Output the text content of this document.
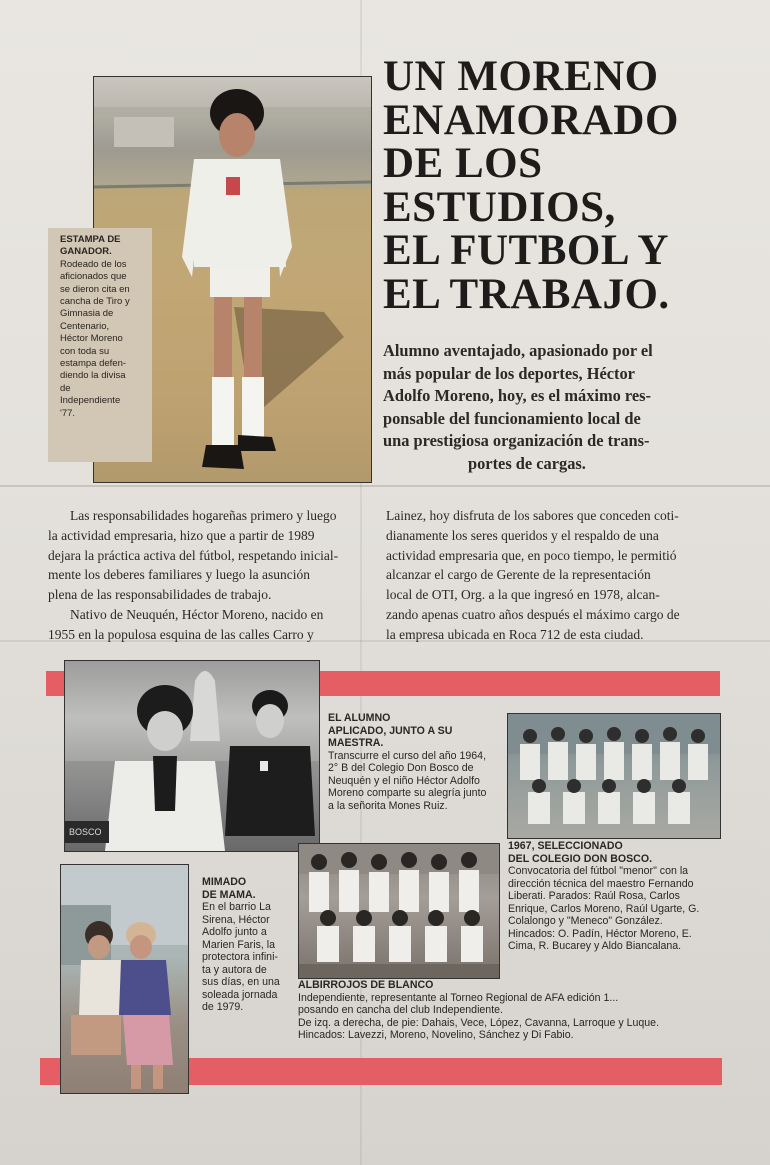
ESTAMPA DE
GANADOR.
Rodeado de los
aficionados que
se dieron cita en
cancha de Tiro y
Gimnasia de
Centenario,
Héctor Moreno
con toda su
estampa defen-
diendo la divisa
de
Independiente
'77.
UN MORENO
ENAMORADO
DE LOS
ESTUDIOS,
EL FUTBOL Y
EL TRABAJO.
Alumno aventajado, apasionado por el
más popular de los deportes, Héctor
Adolfo Moreno, hoy, es el máximo res-
ponsable del funcionamiento local de
una prestigiosa organización de trans-
portes de cargas.
Las responsabilidades hogareñas primero y luego
la actividad empresaria, hizo que a partir de 1989
dejara la práctica activa del fútbol, respetando inicial-
mente los deberes familiares y luego la asunción
plena de las responsabilidades de trabajo.
Nativo de Neuquén, Héctor Moreno, nacido en
1955 en la populosa esquina de las calles Carro y
Lainez, hoy disfruta de los sabores que conceden coti-
dianamente los seres queridos y el respaldo de una
actividad empresaria que, en poco tiempo, le permitió
alcanzar el cargo de Gerente de la representación
local de OTI, Org. a la que ingresó en 1978, alcan-
zando apenas cuatro años después el máximo cargo de
la empresa ubicada en Roca 712 de esta ciudad.
BOSCO
EL ALUMNO
APLICADO, JUNTO A SU
MAESTRA.
Transcurre el curso del año 1964,
2° B del Colegio Don Bosco de
Neuquén y el niño Héctor Adolfo
Moreno comparte su alegría junto
a la señorita Mones Ruiz.
1967, SELECCIONADO
DEL COLEGIO DON BOSCO.
Convocatoria del fútbol "menor" con la
dirección técnica del maestro Fernando
Liberati. Parados: Raúl Rosa, Carlos
Enrique, Carlos Moreno, Raúl Ugarte, G.
Colalongo y "Meneco" González.
Hincados: O. Padín, Héctor Moreno, E.
Cima, R. Bucarey y Aldo Biancalana.
MIMADO
DE MAMA.
En el barrio La
Sirena, Héctor
Adolfo junto a
Marien Faris, la
protectora infini-
ta y autora de
sus días, en una
soleada jornada
de 1979.
ALBIRROJOS DE BLANCO
Independiente, representante al Torneo Regional de AFA edición 1...
posando en cancha del club Independiente.
De izq. a derecha, de pie: Dahais, Vece, López, Cavanna, Larroque y Luque.
Hincados: Lavezzi, Moreno, Novelino, Sánchez y Di Fabio.
